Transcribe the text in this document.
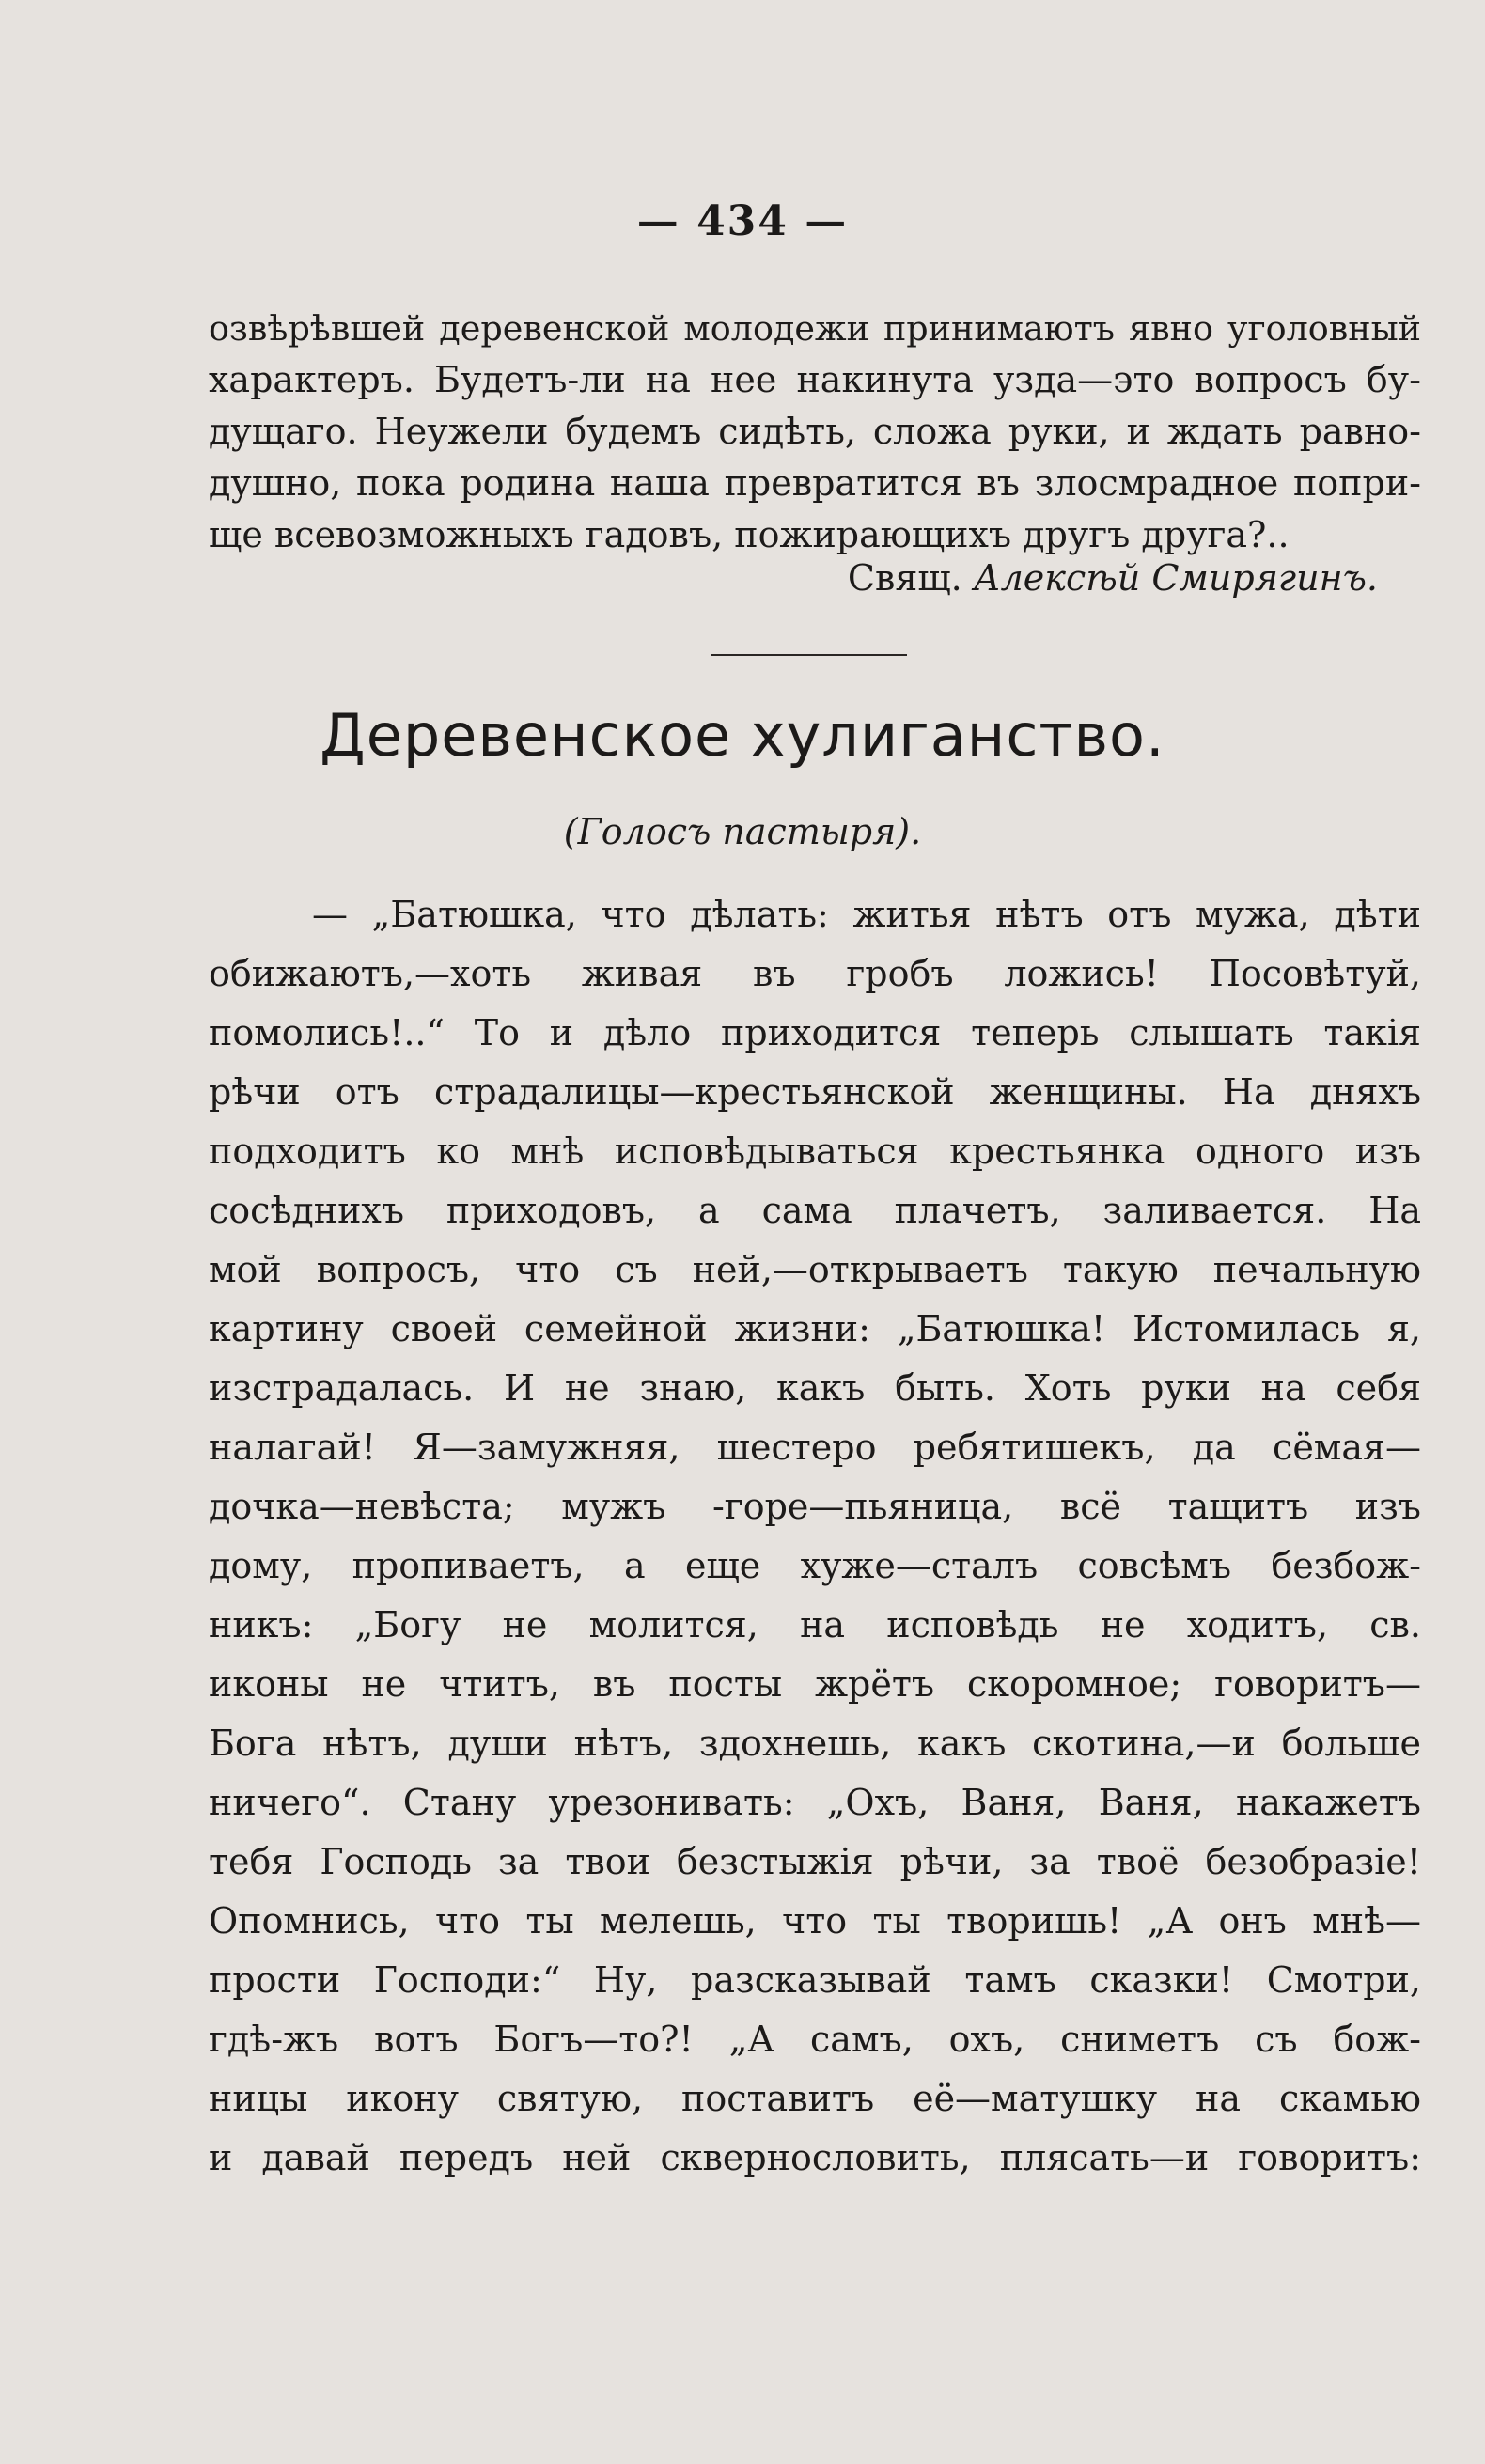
— 434 —
озвѣрѣвшей деревенской молодежи принимаютъ явно уголовный
характеръ. Будетъ-ли на нее накинута узда—это вопросъ бу-
дущаго. Неужели будемъ сидѣть, сложа руки, и ждать равно-
душно, пока родина наша превратится въ злосмрадное попри-
ще всевозможныхъ гадовъ, пожирающихъ другъ друга?..
Свящ. Алексѣй Смирягинъ.
Деревенское хулиганство.
(Голосъ пастыря).
— „Батюшка, что дѣлать: житья нѣтъ отъ мужа, дѣти
обижаютъ,—хоть живая въ гробъ ложись! Посовѣтуй,
помолись!..“ То и дѣло приходится теперь слышать такія
рѣчи отъ страдалицы—крестьянской женщины. На дняхъ
подходитъ ко мнѣ исповѣдываться крестьянка одного изъ
сосѣднихъ приходовъ, а сама плачетъ, заливается. На
мой вопросъ, что съ ней,—открываетъ такую печальную
картину своей семейной жизни: „Батюшка! Истомилась я,
изстрадалась. И не знаю, какъ быть. Хоть руки на себя
налагай! Я—замужняя, шестеро ребятишекъ, да сёмая—
дочка—невѣста; мужъ -горе—пьяница, всё тащитъ изъ
дому, пропиваетъ, а еще хуже—сталъ совсѣмъ безбож-
никъ: „Богу не молится, на исповѣдь не ходитъ, св.
иконы не чтитъ, въ посты жрётъ скоромное; говоритъ—
Бога нѣтъ, души нѣтъ, здохнешь, какъ скотина,—и больше
ничего“. Стану урезонивать: „Охъ, Ваня, Ваня, накажетъ
тебя Господь за твои безстыжія рѣчи, за твоё безобразіе!
Опомнись, что ты мелешь, что ты творишь! „А онъ мнѣ—
прости Господи:“ Ну, разсказывай тамъ сказки! Смотри,
гдѣ-жъ вотъ Богъ—то?! „А самъ, охъ, сниметъ съ бож-
ницы икону святую, поставитъ её—матушку на скамью
и давай передъ ней сквернословить, плясать—и говоритъ:
